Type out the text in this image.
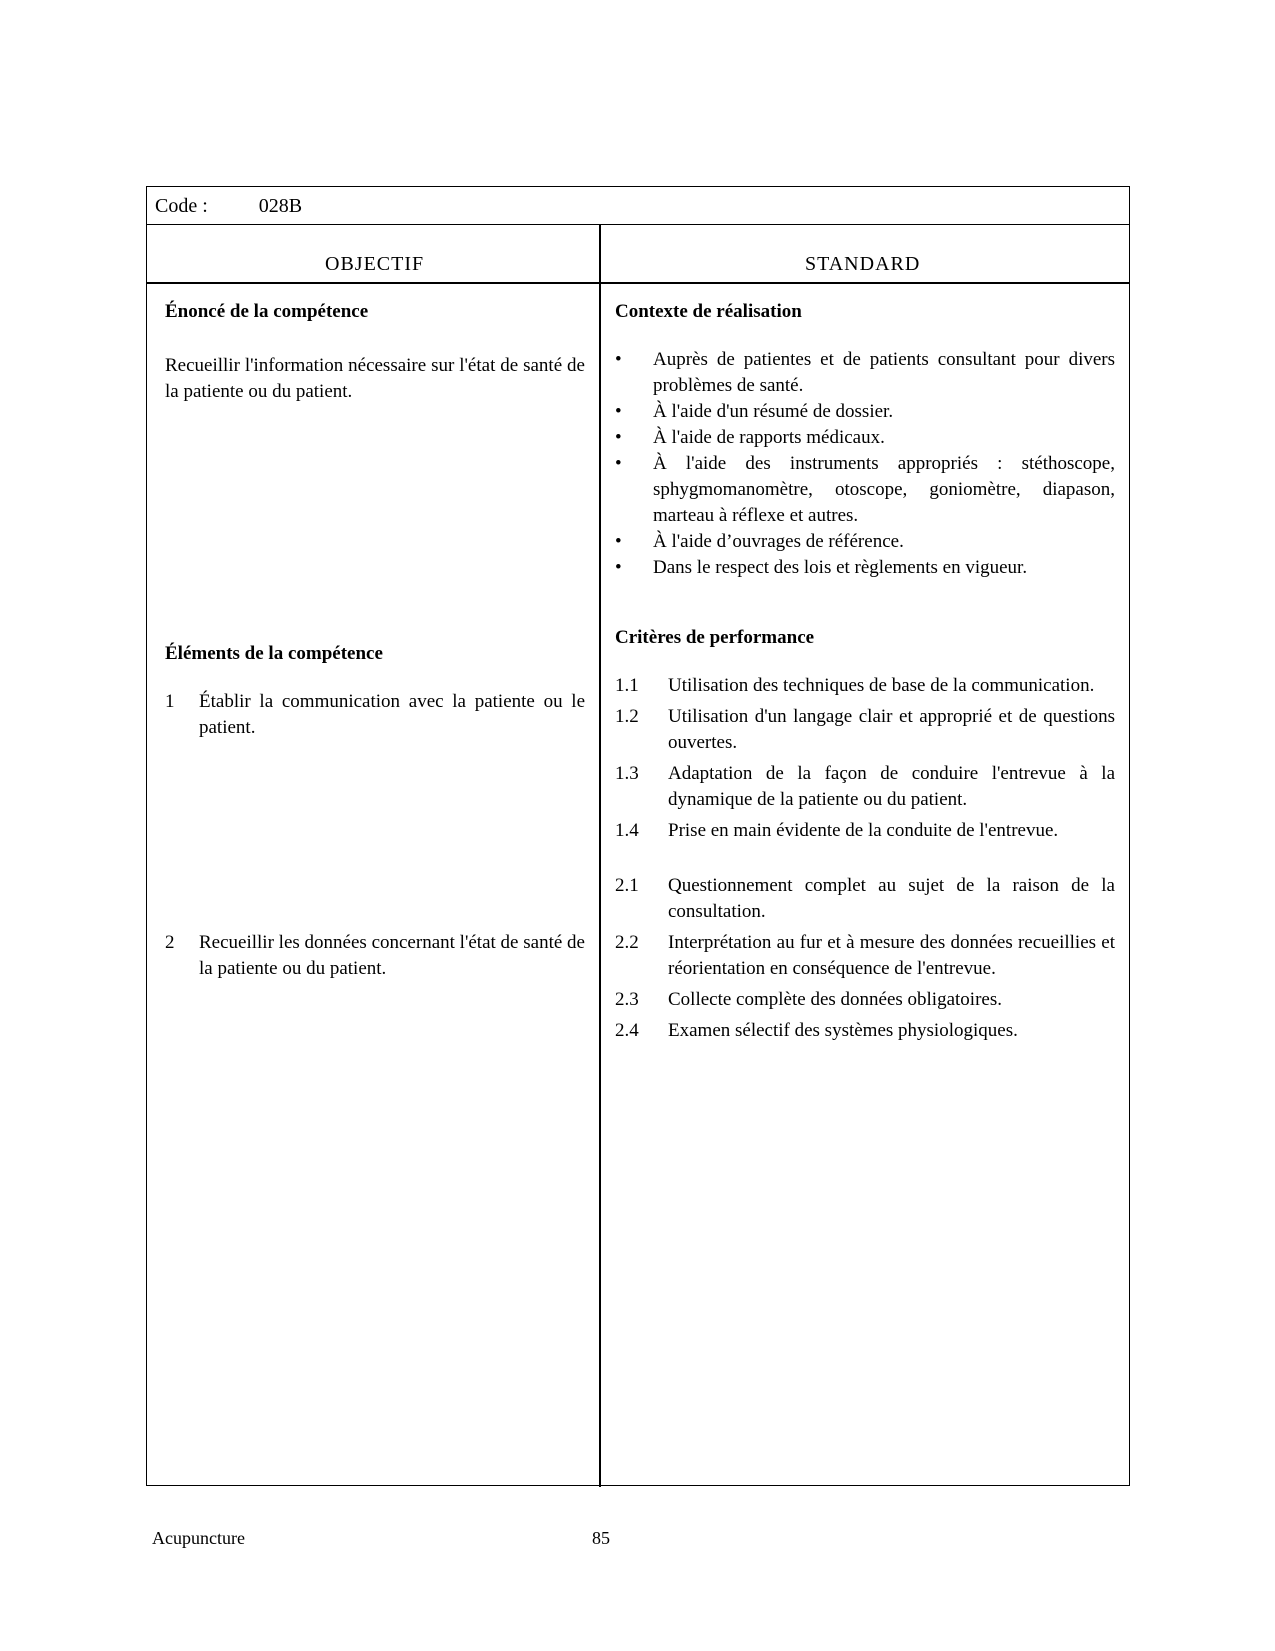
Code :	028B
OBJECTIF	STANDARD

Énoncé de la compétence

Recueillir l'information nécessaire sur l'état de santé de la patiente ou du patient.

Éléments de la compétence

1 Établir la communication avec la patiente ou le patient.
2 Recueillir les données concernant l'état de santé de la patiente ou du patient.

Contexte de réalisation

• Auprès de patientes et de patients consultant pour divers problèmes de santé.
• À l'aide d'un résumé de dossier.
• À l'aide de rapports médicaux.
• À l'aide des instruments appropriés : stéthoscope, sphygmomanomètre, otoscope, goniomètre, diapason, marteau à réflexe et autres.
• À l'aide d’ouvrages de référence.
• Dans le respect des lois et règlements en vigueur.

Critères de performance

1.1 Utilisation des techniques de base de la communication.
1.2 Utilisation d'un langage clair et approprié et de questions ouvertes.
1.3 Adaptation de la façon de conduire l'entrevue à la dynamique de la patiente ou du patient.
1.4 Prise en main évidente de la conduite de l'entrevue.
2.1 Questionnement complet au sujet de la raison de la consultation.
2.2 Interprétation au fur et à mesure des données recueillies et réorientation en conséquence de l'entrevue.
2.3 Collecte complète des données obligatoires.
2.4 Examen sélectif des systèmes physiologiques.
Acupuncture	85
